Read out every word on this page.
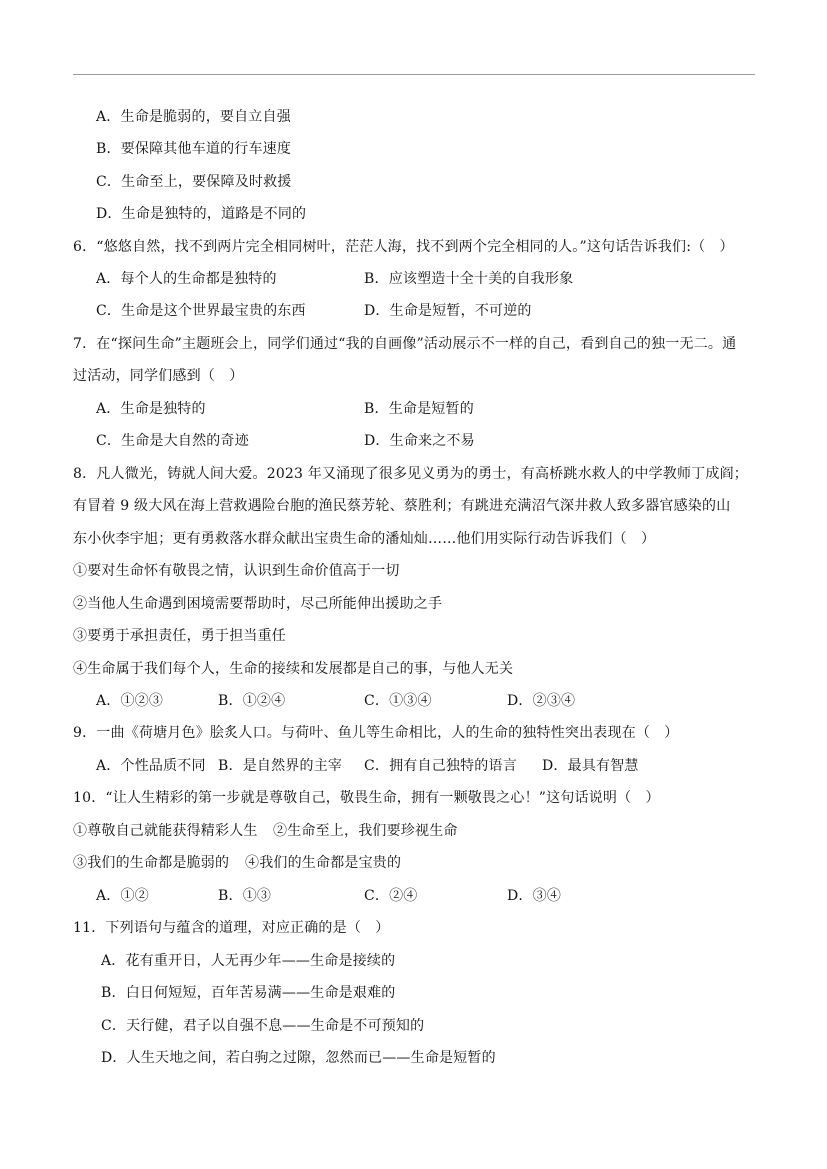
A．生命是脆弱的，要自立自强
B．要保障其他车道的行车速度
C．生命至上，要保障及时救援
D．生命是独特的，道路是不同的
6．“悠悠自然，找不到两片完全相同树叶，茫茫人海，找不到两个完全相同的人。”这句话告诉我们:（　）
A．每个人的生命都是独特的	B．应该塑造十全十美的自我形象
C．生命是这个世界最宝贵的东西	D．生命是短暂，不可逆的
7．在“探问生命”主题班会上，同学们通过“我的自画像”活动展示不一样的自己，看到自己的独一无二。通
过活动，同学们感到（　）
A．生命是独特的	B．生命是短暂的
C．生命是大自然的奇迹	D．生命来之不易
8．凡人微光，铸就人间大爱。2023 年又涌现了很多见义勇为的勇士，有高桥跳水救人的中学教师丁成阎；
有冒着 9 级大风在海上营救遇险台胞的渔民蔡芳轮、蔡胜利；有跳进充满沼气深井救人致多器官感染的山
东小伙李宇旭；更有勇救落水群众献出宝贵生命的潘灿灿……他们用实际行动告诉我们（　）
①要对生命怀有敬畏之情，认识到生命价值高于一切
②当他人生命遇到困境需要帮助时，尽己所能伸出援助之手
③要勇于承担责任，勇于担当重任
④生命属于我们每个人，生命的接续和发展都是自己的事，与他人无关
A．①②③	B．①②④	C．①③④	D．②③④
9．一曲《荷塘月色》脍炙人口。与荷叶、鱼儿等生命相比，人的生命的独特性突出表现在（　）
A．个性品质不同 B．是自然界的主宰 C．拥有自己独特的语言 D．最具有智慧
10．“让人生精彩的第一步就是尊敬自己，敬畏生命，拥有一颗敬畏之心！”这句话说明（　）
①尊敬自己就能获得精彩人生 ②生命至上，我们要珍视生命
③我们的生命都是脆弱的 ④我们的生命都是宝贵的
A．①②	B．①③	C．②④	D．③④
11．下列语句与蕴含的道理，对应正确的是（　）
A．花有重开日，人无再少年——生命是接续的
B．白日何短短，百年苦易满——生命是艰难的
C．天行健，君子以自强不息——生命是不可预知的
D．人生天地之间，若白驹之过隙，忽然而已——生命是短暂的
